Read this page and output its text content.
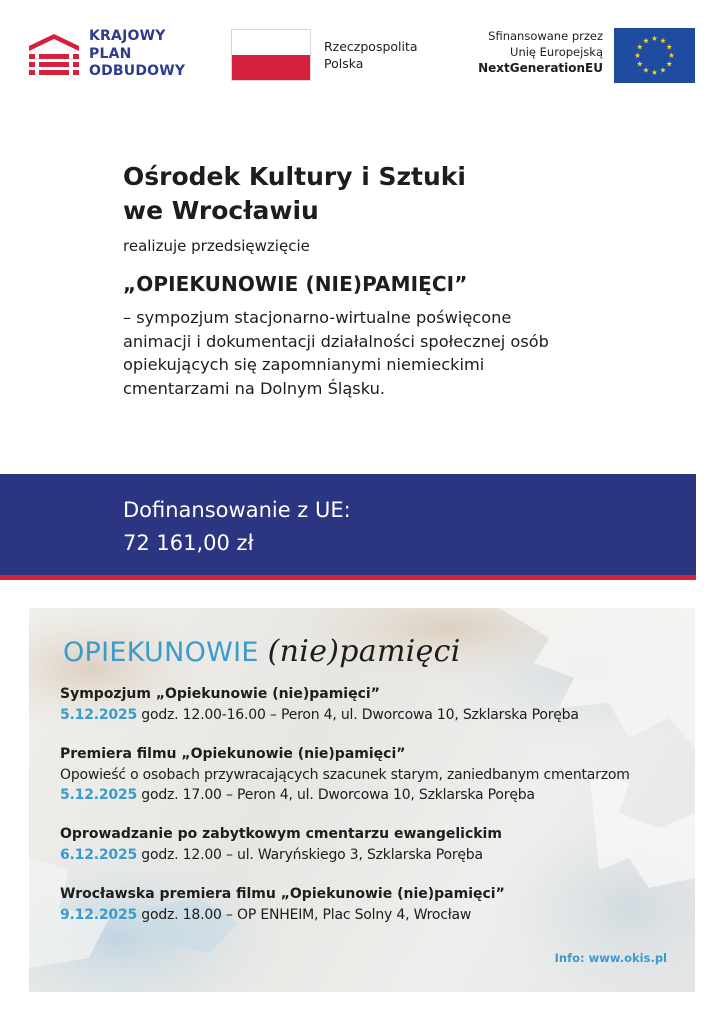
KRAJOWY
PLAN
ODBUDOWY
Rzeczpospolita
Polska
Sfinansowane przez
Unię Europejską
NextGenerationEU
Ośrodek Kultury i Sztuki
we Wrocławiu
realizuje przedsięwzięcie
„OPIEKUNOWIE (NIE)PAMIĘCI”
– sympozjum stacjonarno-wirtualne poświęcone
animacji i dokumentacji działalności społecznej osób
opiekujących się zapomnianymi niemieckimi
cmentarzami na Dolnym Śląsku.
Dofinansowanie z UE:
72 161,00 zł
OPIEKUNOWIE (nie)pamięci
Sympozjum „Opiekunowie (nie)pamięci”
5.12.2025 godz. 12.00-16.00 – Peron 4, ul. Dworcowa 10, Szklarska Poręba
Premiera filmu „Opiekunowie (nie)pamięci”
Opowieść o osobach przywracających szacunek starym, zaniedbanym cmentarzom
5.12.2025 godz. 17.00 – Peron 4, ul. Dworcowa 10, Szklarska Poręba
Oprowadzanie po zabytkowym cmentarzu ewangelickim
6.12.2025 godz. 12.00 – ul. Waryńskiego 3, Szklarska Poręba
Wrocławska premiera filmu „Opiekunowie (nie)pamięci”
9.12.2025 godz. 18.00 – OP ENHEIM, Plac Solny 4, Wrocław
Info: www.okis.pl
